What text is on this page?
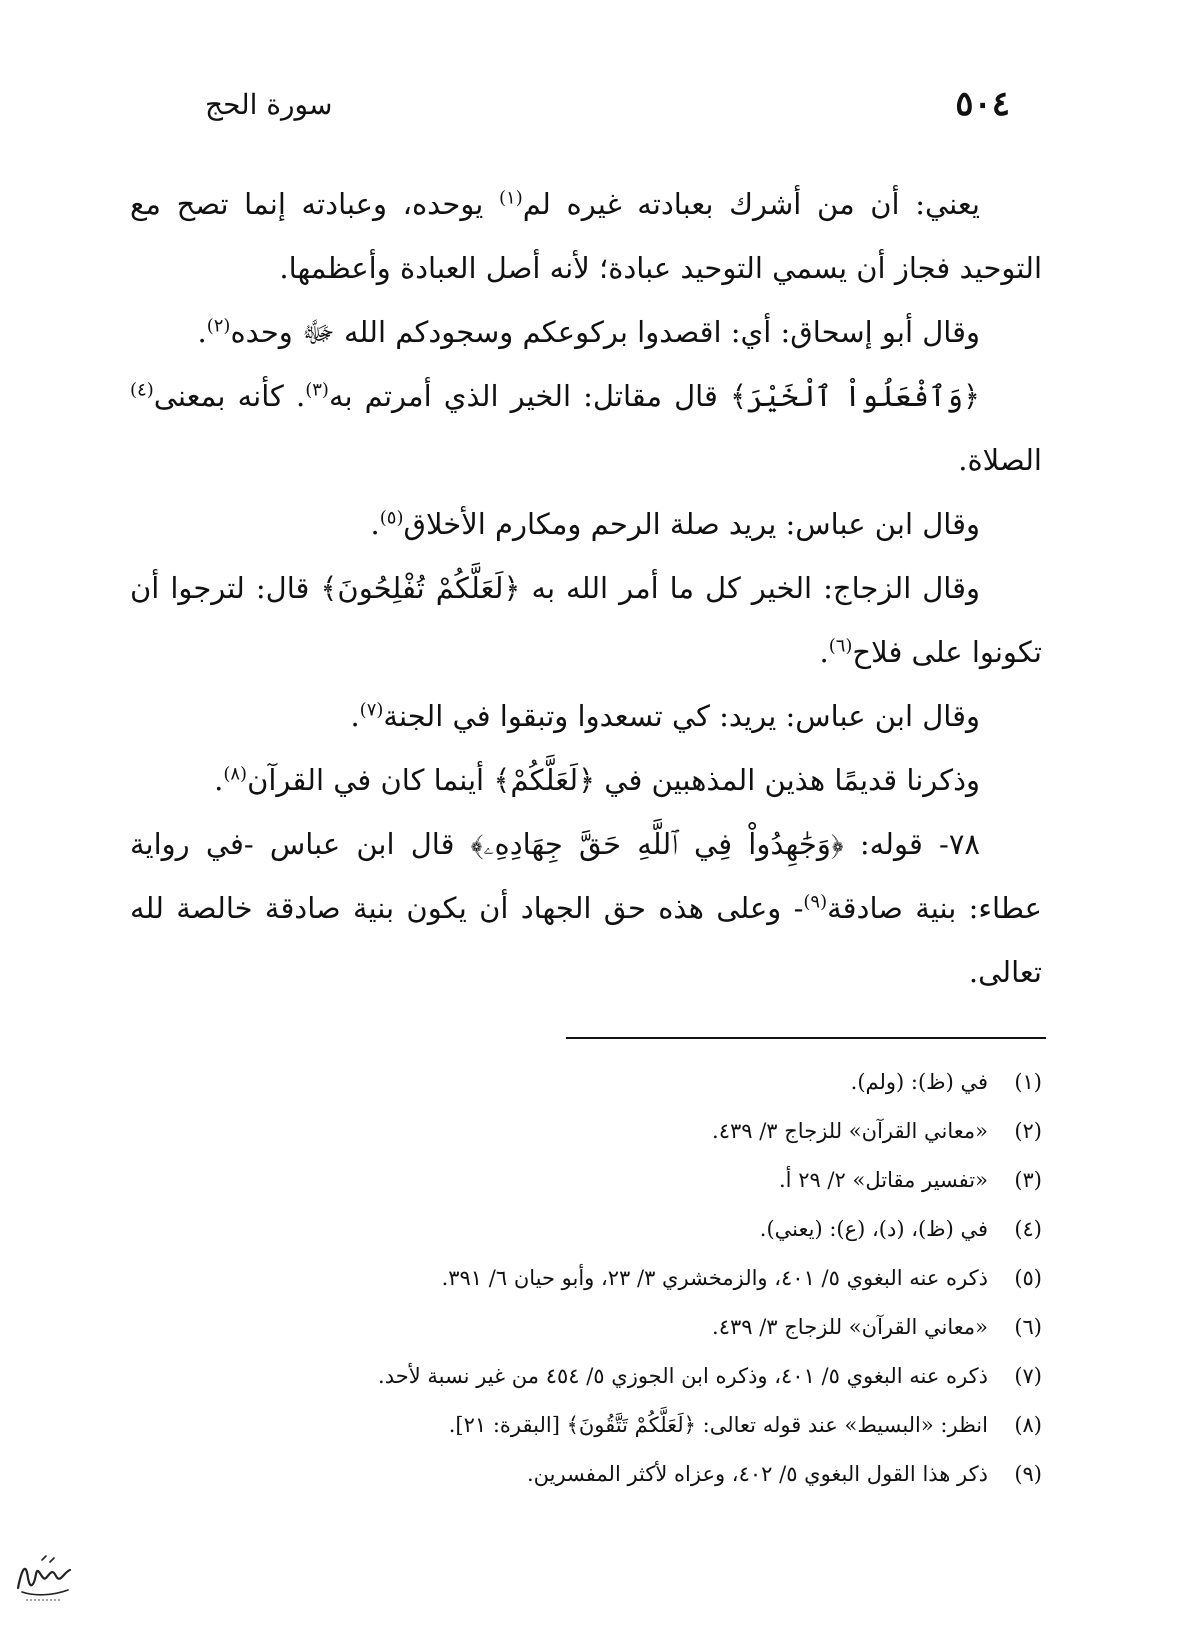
٥٠٤
سورة الحج

يعني: أن من أشرك بعبادته غيره لم$^{(١)}$ يوحده، وعبادته إنما تصح مع التوحيد فجاز أن يسمي التوحيد عبادة؛ لأنه أصل العبادة وأعظمها.

وقال أبو إسحاق: أي: اقصدوا بركوعكم وسجودكم الله ﷻ وحده$^{(٢)}$.

﴿وَٱفْعَلُواْ ٱلْخَيْرَ﴾ قال مقاتل: الخير الذي أمرتم به$^{(٣)}$. كأنه بمعنى$^{(٤)}$ الصلاة.

وقال ابن عباس: يريد صلة الرحم ومكارم الأخلاق$^{(٥)}$.

وقال الزجاج: الخير كل ما أمر الله به ﴿لَعَلَّكُمْ تُفْلِحُونَ﴾ قال: لترجوا أن تكونوا على فلاح$^{(٦)}$.

وقال ابن عباس: يريد: كي تسعدوا وتبقوا في الجنة$^{(٧)}$.

وذكرنا قديمًا هذين المذهبين في ﴿لَعَلَّكُمْ﴾ أينما كان في القرآن$^{(٨)}$.

٧٨- قوله: ﴿وَجَٰهِدُواْ فِي ٱللَّهِ حَقَّ جِهَادِهِۦ﴾ قال ابن عباس -في رواية عطاء: بنية صادقة$^{(٩)}$- وعلى هذه حق الجهاد أن يكون بنية صادقة خالصة لله تعالى.

(١)
في (ظ): (ولم).
(٢)
«معاني القرآن» للزجاج ٣/ ٤٣٩.
(٣)
«تفسير مقاتل» ٢/ ٢٩ أ.
(٤)
في (ظ)، (د)، (ع): (يعني).
(٥)
ذكره عنه البغوي ٥/ ٤٠١، والزمخشري ٣/ ٢٣، وأبو حيان ٦/ ٣٩١.
(٦)
«معاني القرآن» للزجاج ٣/ ٤٣٩.
(٧)
ذكره عنه البغوي ٥/ ٤٠١، وذكره ابن الجوزي ٥/ ٤٥٤ من غير نسبة لأحد.
(٨)
انظر: «البسيط» عند قوله تعالى: ﴿لَعَلَّكُمْ تَتَّقُونَ﴾ [البقرة: ٢١].
(٩)
ذكر هذا القول البغوي ٥/ ٤٠٢، وعزاه لأكثر المفسرين.
